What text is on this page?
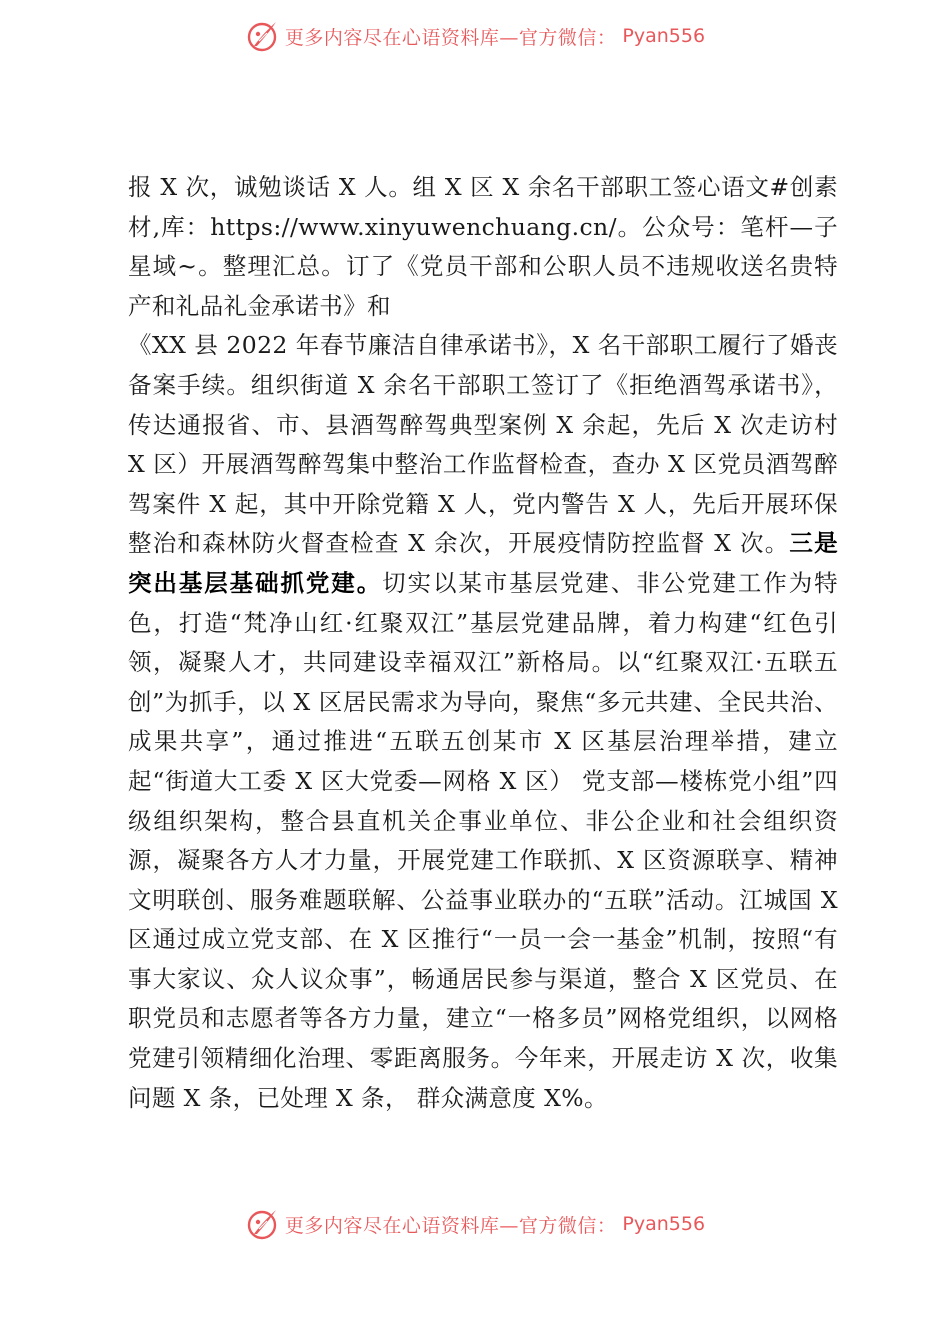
更多内容尽在心语资料库—官方微信： Pyan556

报 X 次，诚勉谈话 X 人。组 X 区 X 余名干部职工签心语文#创素材,库：https://www.xinyuwenchuang.cn/。公众号：笔杆—子星域~。整理汇总。订了《党员干部和公职人员不违规收送名贵特产和礼品礼金承诺书》和
《XX 县 2022 年春节廉洁自律承诺书》，X 名干部职工履行了婚丧备案手续。组织街道 X 余名干部职工签订了《拒绝酒驾承诺书》，传达通报省、市、县酒驾醉驾典型案例 X 余起，先后 X 次走访村 X 区）开展酒驾醉驾集中整治工作监督检查，查办 X 区党员酒驾醉驾案件 X 起，其中开除党籍 X 人，党内警告 X 人，先后开展环保整治和森林防火督查检查 X 余次，开展疫情防控监督 X 次。三是突出基层基础抓党建。切实以某市基层党建、非公党建工作为特色，打造“梵净山红·红聚双江”基层党建品牌，着力构建“红色引领，凝聚人才，共同建设幸福双江”新格局。以“红聚双江·五联五创”为抓手，以 X 区居民需求为导向，聚焦“多元共建、全民共治、成果共享”，通过推进“五联五创某市 X 区基层治理举措，建立起“街道大工委 X 区大党委—网格 X 区） 党支部—楼栋党小组”四级组织架构，整合县直机关企事业单位、非公企业和社会组织资源，凝聚各方人才力量，开展党建工作联抓、X 区资源联享、精神文明联创、服务难题联解、公益事业联办的“五联”活动。江城国 X 区通过成立党支部、在 X 区推行“一员一会一基金”机制，按照“有事大家议、众人议众事”，畅通居民参与渠道，整合 X 区党员、在职党员和志愿者等各方力量，建立“一格多员”网格党组织，以网格党建引领精细化治理、零距离服务。今年来，开展走访 X 次，收集问题 X 条，已处理 X 条， 群众满意度 X%。

更多内容尽在心语资料库—官方微信： Pyan556
